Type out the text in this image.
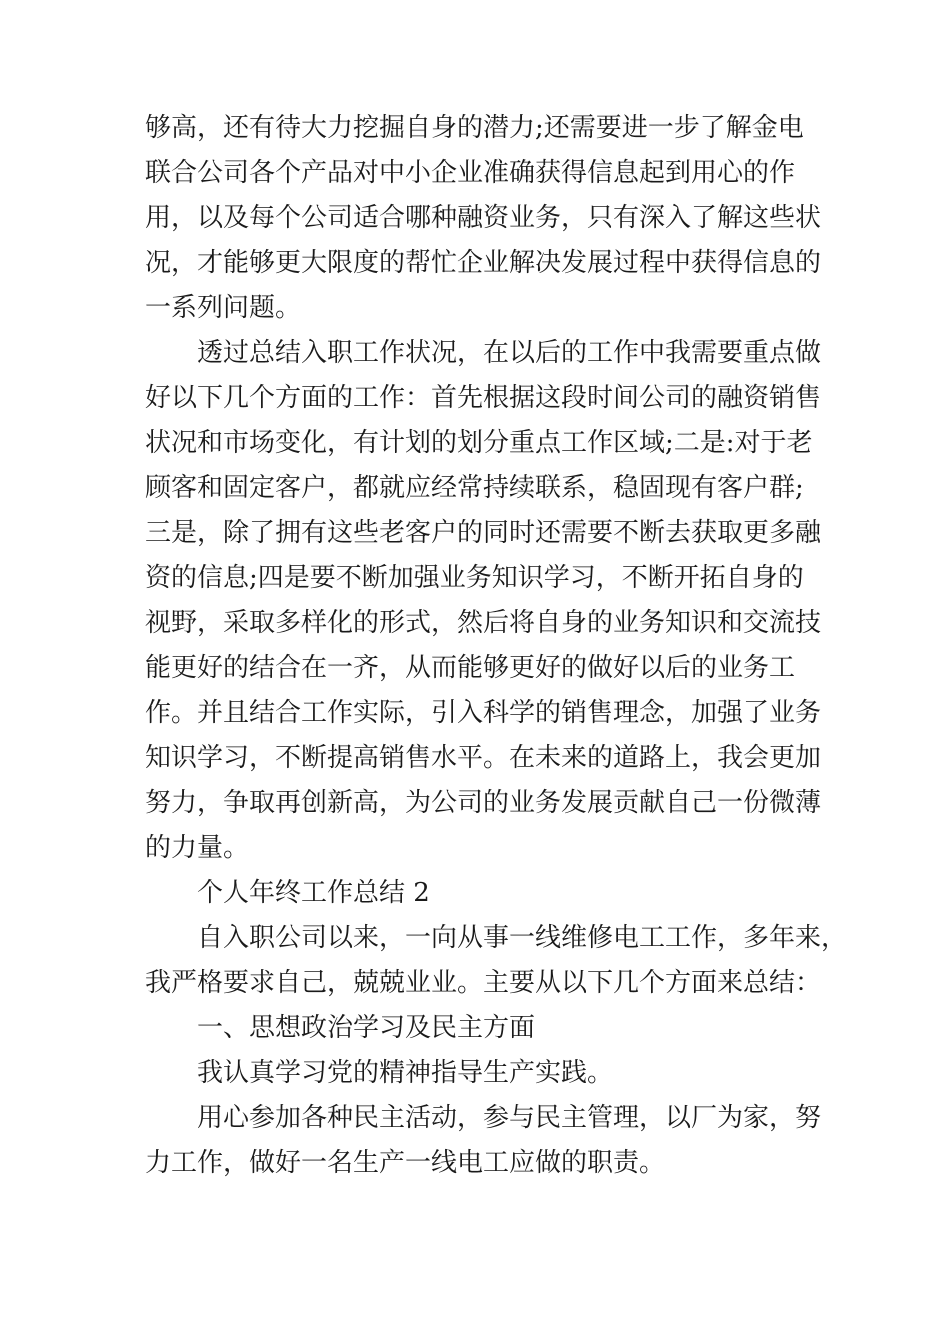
够高，还有待大力挖掘自身的潜力;还需要进一步了解金电
联合公司各个产品对中小企业准确获得信息起到用心的作
用，以及每个公司适合哪种融资业务，只有深入了解这些状
况，才能够更大限度的帮忙企业解决发展过程中获得信息的
一系列问题。
透过总结入职工作状况，在以后的工作中我需要重点做
好以下几个方面的工作：首先根据这段时间公司的融资销售
状况和市场变化，有计划的划分重点工作区域;二是:对于老
顾客和固定客户，都就应经常持续联系，稳固现有客户群;
三是，除了拥有这些老客户的同时还需要不断去获取更多融
资的信息;四是要不断加强业务知识学习，不断开拓自身的
视野，采取多样化的形式，然后将自身的业务知识和交流技
能更好的结合在一齐，从而能够更好的做好以后的业务工
作。并且结合工作实际，引入科学的销售理念，加强了业务
知识学习，不断提高销售水平。在未来的道路上，我会更加
努力，争取再创新高，为公司的业务发展贡献自己一份微薄
的力量。
个人年终工作总结 2
自入职公司以来，一向从事一线维修电工工作，多年来，
我严格要求自己，兢兢业业。主要从以下几个方面来总结：
一、思想政治学习及民主方面
我认真学习党的精神指导生产实践。
用心参加各种民主活动，参与民主管理，以厂为家，努
力工作，做好一名生产一线电工应做的职责。
